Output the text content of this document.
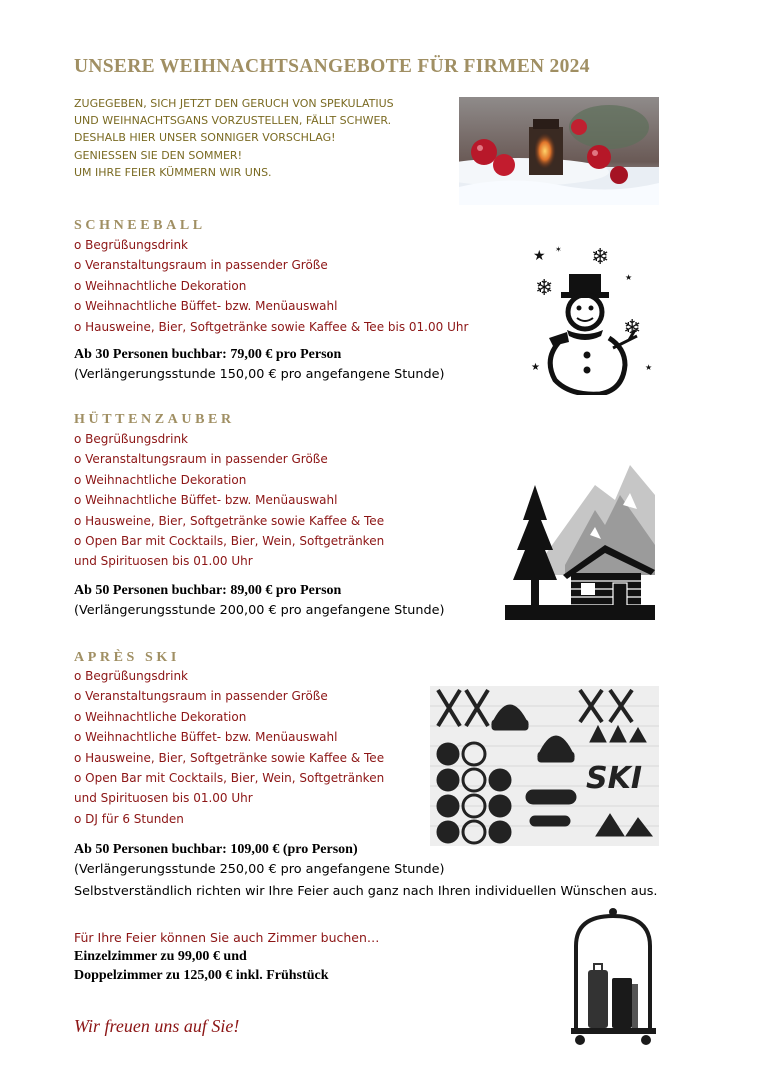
UNSERE WEIHNACHTSANGEBOTE FÜR FIRMEN 2024
ZUGEGEBEN, SICH JETZT DEN GERUCH VON SPEKULATIUS
UND WEIHNACHTSGANS VORZUSTELLEN, FÄLLT SCHWER.
DESHALB HIER UNSER SONNIGER VORSCHLAG!
GENIESSEN SIE DEN SOMMER!
UM IHRE FEIER KÜMMERN WIR UNS.
SCHNEEBALL
o Begrüßungsdrink
o Veranstaltungsraum in passender Größe
o Weihnachtliche Dekoration
o Weihnachtliche Büffet- bzw. Menüauswahl
o Hausweine, Bier, Softgetränke sowie Kaffee & Tee bis 01.00 Uhr
Ab 30 Personen buchbar: 79,00 € pro Person
(Verlängerungsstunde 150,00 € pro angefangene Stunde)
★ ✶ ❄
★
❄
❄
★	★
HÜTTENZAUBER
o Begrüßungsdrink
o Veranstaltungsraum in passender Größe
o Weihnachtliche Dekoration
o Weihnachtliche Büffet- bzw. Menüauswahl
o Hausweine, Bier, Softgetränke sowie Kaffee & Tee
o Open Bar mit Cocktails, Bier, Wein, Softgetränken
und Spirituosen bis 01.00 Uhr
Ab 50 Personen buchbar: 89,00 € pro Person
(Verlängerungsstunde 200,00 € pro angefangene Stunde)
APRÈS SKI
o Begrüßungsdrink
o Veranstaltungsraum in passender Größe
o Weihnachtliche Dekoration
o Weihnachtliche Büffet- bzw. Menüauswahl
o Hausweine, Bier, Softgetränke sowie Kaffee & Tee
o Open Bar mit Cocktails, Bier, Wein, Softgetränken
und Spirituosen bis 01.00 Uhr
o DJ für 6 Stunden
Ab 50 Personen buchbar: 109,00 € (pro Person)
(Verlängerungsstunde 250,00 € pro angefangene Stunde)
Selbstverständlich richten wir Ihre Feier auch ganz nach Ihren individuellen Wünschen aus.
SKI
Für Ihre Feier können Sie auch Zimmer buchen…
Einzelzimmer zu 99,00 € und
Doppelzimmer zu 125,00 € inkl. Frühstück
Wir freuen uns auf Sie!
